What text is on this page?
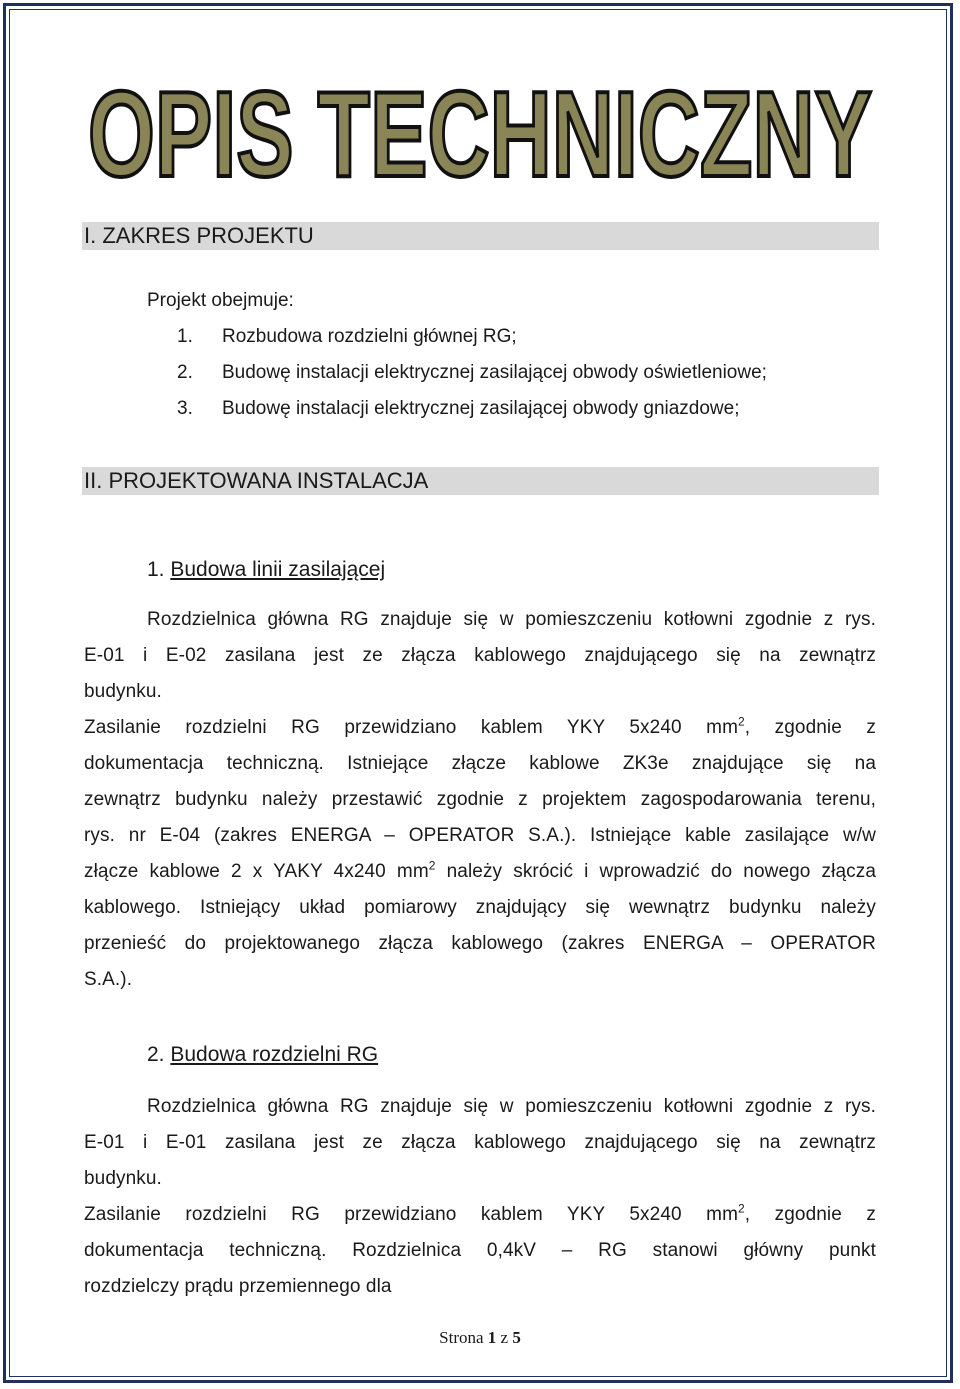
OPIS TECHNICZNY
I. ZAKRES PROJEKTU
Projekt obejmuje:
1. Rozbudowa rozdzielni głównej RG;
2. Budowę instalacji elektrycznej zasilającej obwody oświetleniowe;
3. Budowę instalacji elektrycznej zasilającej obwody gniazdowe;
II. PROJEKTOWANA INSTALACJA
1. Budowa linii zasilającej
Rozdzielnica główna RG znajduje się w pomieszczeniu kotłowni zgodnie z rys.
E-01 i E-02 zasilana jest ze złącza kablowego znajdującego się na zewnątrz
budynku.
Zasilanie rozdzielni RG przewidziano kablem YKY 5x240 $mm^2$, zgodnie z
dokumentacja techniczną. Istniejące złącze kablowe ZK3e znajdujące się na
zewnątrz budynku należy przestawić zgodnie z projektem zagospodarowania terenu,
rys. nr E-04 (zakres ENERGA – OPERATOR S.A.). Istniejące kable zasilające w/w
złącze kablowe 2 x YAKY 4x240 $mm^2$ należy skrócić i wprowadzić do nowego złącza
kablowego. Istniejący układ pomiarowy znajdujący się wewnątrz budynku należy
przenieść do projektowanego złącza kablowego (zakres ENERGA – OPERATOR
S.A.).
2. Budowa rozdzielni RG
Rozdzielnica główna RG znajduje się w pomieszczeniu kotłowni zgodnie z rys.
E-01 i E-01 zasilana jest ze złącza kablowego znajdującego się na zewnątrz
budynku.
Zasilanie rozdzielni RG przewidziano kablem YKY 5x240 $mm^2$, zgodnie z
dokumentacja techniczną. Rozdzielnica 0,4kV – RG stanowi główny punkt
rozdzielczy prądu przemiennego dla
Strona 1 z 5
